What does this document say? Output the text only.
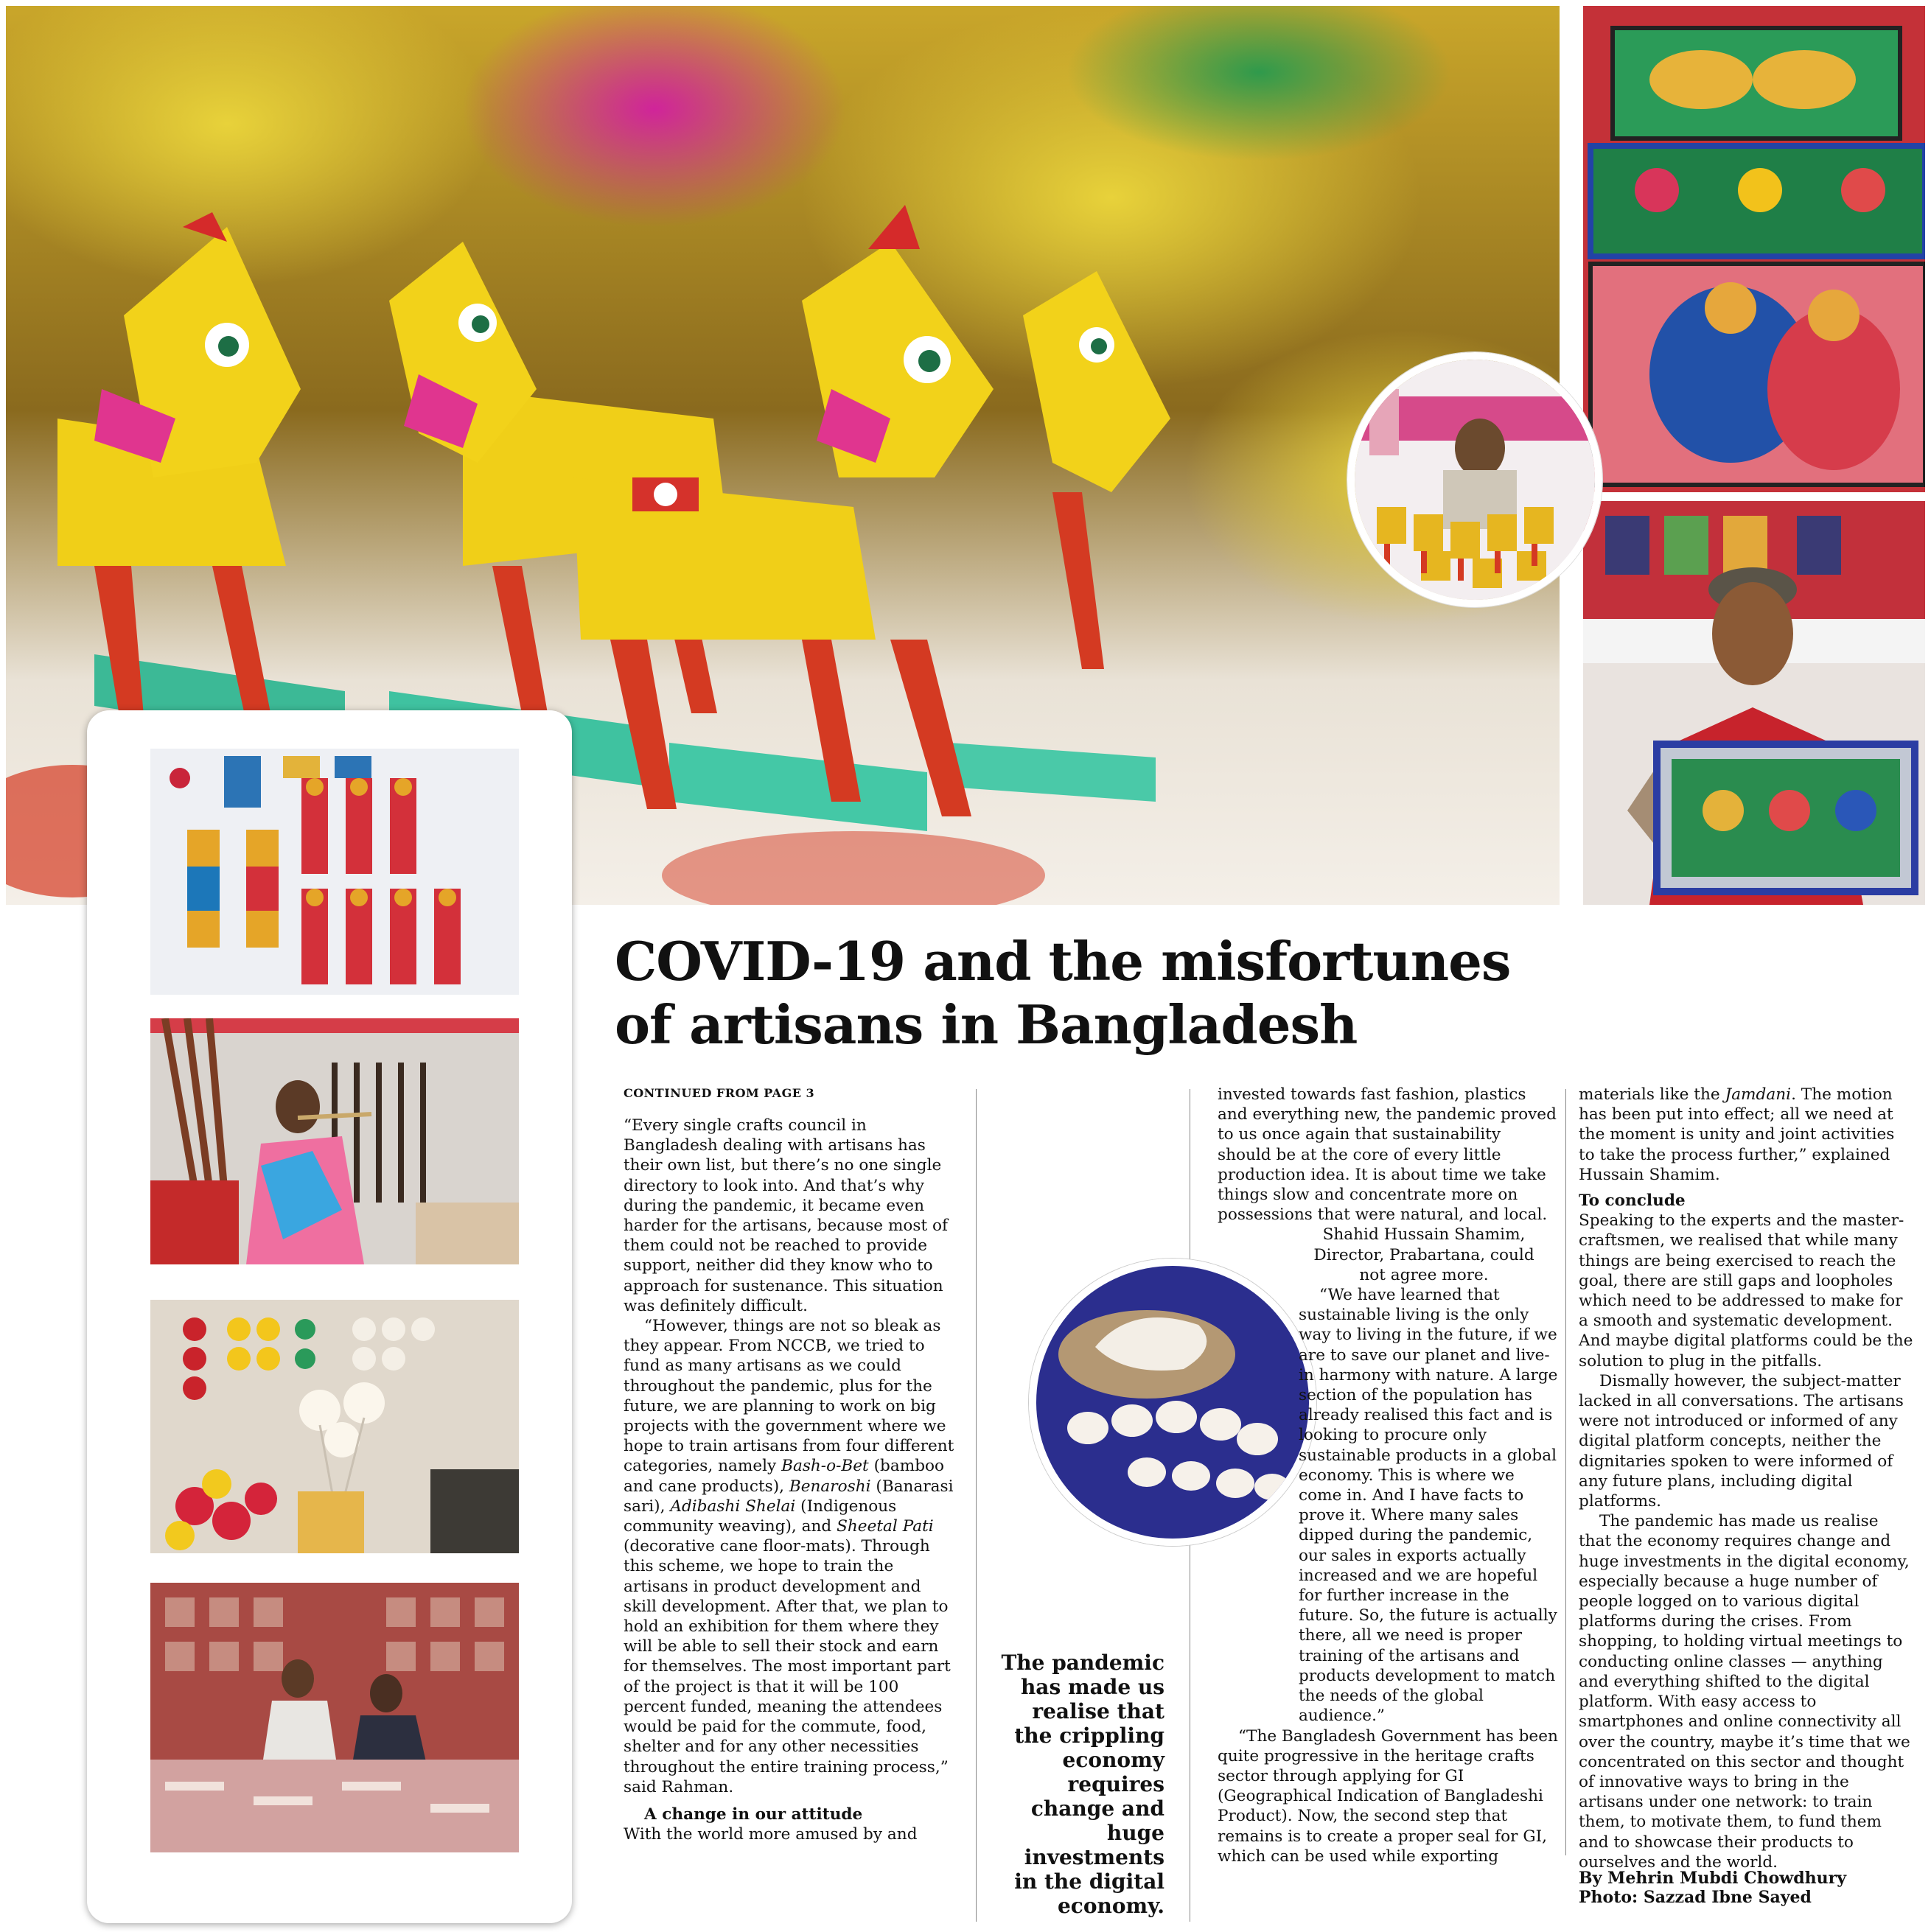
COVID-19 and the misfortunes
of artisans in Bangladesh
CONTINUED FROM PAGE 3

“Every single crafts council in Bangladesh dealing with artisans has their own list, but there’s no one single directory to look into. And that’s why during the pandemic, it became even harder for the artisans, because most of them could not be reached to provide support, neither did they know who to approach for sustenance. This situation was definitely difficult.

“However, things are not so bleak as they appear. From NCCB, we tried to fund as many artisans as we could throughout the pandemic, plus for the future, we are planning to work on big projects with the government where we hope to train artisans from four different categories, namely Bash-o-Bet (bamboo and cane products), Benaroshi (Banarasi sari), Adibashi Shelai (Indigenous community weaving), and Sheetal Pati (decorative cane floor-mats). Through this scheme, we hope to train the artisans in product development and skill development. After that, we plan to hold an exhibition for them where they will be able to sell their stock and earn for themselves. The most important part of the project is that it will be 100 percent funded, meaning the attendees would be paid for the commute, food, shelter and for any other necessities throughout the entire training process,” said Rahman.

A change in our attitude

With the world more amused by and

The pandemic has made us realise that the crippling economy requires change and huge investments in the digital economy.

invested towards fast fashion, plastics and everything new, the pandemic proved to us once again that sustainability should be at the core of every little production idea. It is about time we take things slow and concentrate more on possessions that were natural, and local.

Shahid Hussain Shamim, Director, Prabartana, could not agree more.

“We have learned that sustainable living is the only way to living in the future, if we are to save our planet and live-in harmony with nature. A large section of the population has already realised this fact and is looking to procure only sustainable products in a global economy. This is where we come in. And I have facts to prove it. Where many sales dipped during the pandemic, our sales in exports actually increased and we are hopeful for further increase in the future. So, the future is actually there, all we need is proper training of the artisans and products development to match the needs of the global audience.”

“The Bangladesh Government has been quite progressive in the heritage crafts sector through applying for GI (Geographical Indication of Bangladeshi Product). Now, the second step that remains is to create a proper seal for GI, which can be used while exporting

materials like the Jamdani. The motion has been put into effect; all we need at the moment is unity and joint activities to take the process further,” explained Hussain Shamim.

To conclude

Speaking to the experts and the master-craftsmen, we realised that while many things are being exercised to reach the goal, there are still gaps and loopholes which need to be addressed to make for a smooth and systematic development. And maybe digital platforms could be the solution to plug in the pitfalls.

Dismally however, the subject-matter lacked in all conversations. The artisans were not introduced or informed of any digital platform concepts, neither the dignitaries spoken to were informed of any future plans, including digital platforms.

The pandemic has made us realise that the economy requires change and huge investments in the digital economy, especially because a huge number of people logged on to various digital platforms during the crises. From shopping, to holding virtual meetings to conducting online classes — anything and everything shifted to the digital platform. With easy access to smartphones and online connectivity all over the country, maybe it’s time that we concentrated on this sector and thought of innovative ways to bring in the artisans under one network: to train them, to motivate them, to fund them and to showcase their products to ourselves and the world.

By Mehrin Mubdi Chowdhury
Photo: Sazzad Ibne Sayed
